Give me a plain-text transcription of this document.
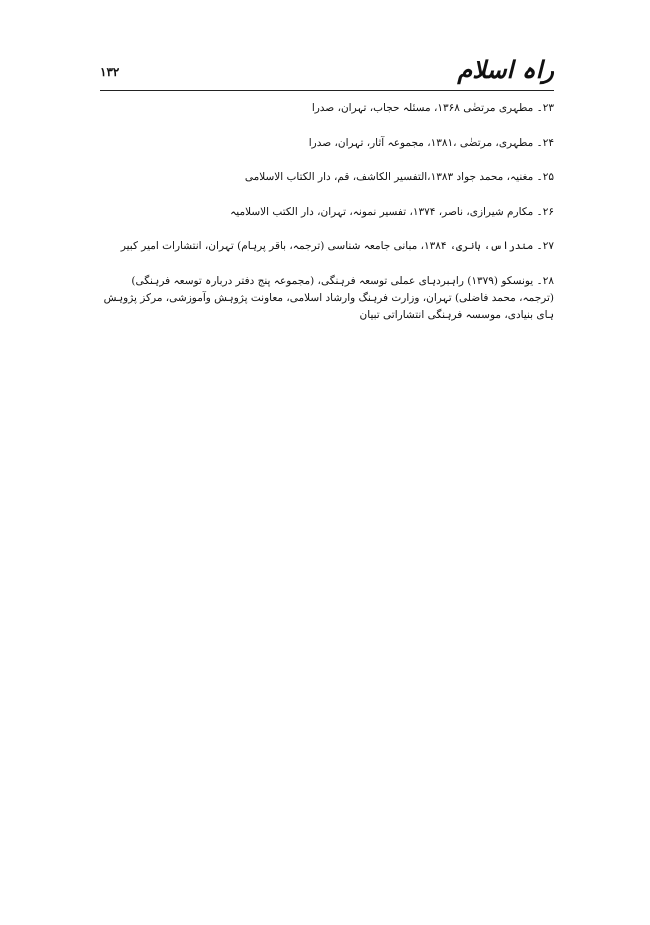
راہ اسلام
۱۳۲
۲۳۔ مطہری مرتضٰی ۱۳۶۸، مسئلہ حجاب، تہران، صدرا
۲۴۔ مطہری، مرتضٰی ،۱۳۸۱، مجموعہ آثار، تہران، صدرا
۲۵۔ مغنیہ، محمد جواد ۱۳۸۳،التفسیر الکاشف، قم، دار الکتاب الاسلامی
۲۶۔ مکارم شیرازی، ناصر، ۱۳۷۴، تفسیر نمونہ، تہران، دار الکتب الاسلامیہ
۲۷۔ مندراس، ہانری، ۱۳۸۴، مبانی جامعہ شناسی (ترجمہ، باقر پرہام) تہران، انتشارات امیر کبیر
۲۸۔ یونسکو (۱۳۷۹) راہبردہای عملی توسعہ فرہنگی، (مجموعہ پنج دفتر دربارہ توسعہ فرہنگی) (ترجمہ، محمد فاضلی) تہران، وزارت فرہنگ وارشاد اسلامی، معاونت پژوہش وآموزشی، مرکز پژوہش ہای بنیادی، موسسہ فرہنگی انتشاراتی تبیان
